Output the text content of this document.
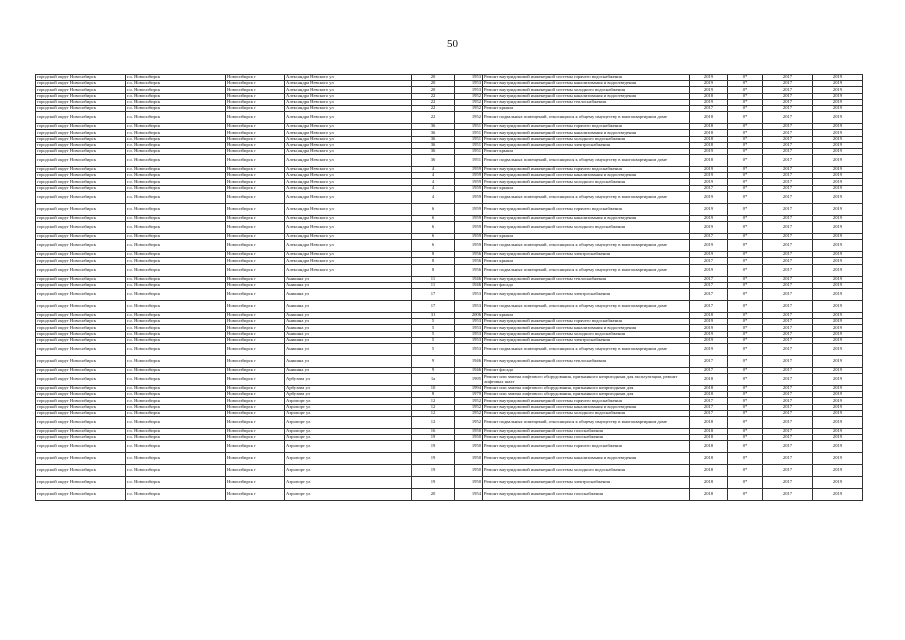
50
городской округ Новосибирск	г.о. Новосибирск	Новосибирск г	Александра Невского ул	20	1953	Ремонт внутридомовой инженерной системы горячего водоснабжения	2019	0*	2017	2019
городской округ Новосибирск	г.о. Новосибирск	Новосибирск г	Александра Невского ул	20	1953	Ремонт внутридомовой инженерной системы канализования и водоотведения	2019	0*	2017	2019
городской округ Новосибирск	г.о. Новосибирск	Новосибирск г	Александра Невского ул	20	1953	Ремонт внутридомовой инженерной системы холодного водоснабжения	2019	0*	2017	2019
городской округ Новосибирск	г.о. Новосибирск	Новосибирск г	Александра Невского ул	22	1952	Ремонт внутридомовой инженерной системы канализования и водоотведения	2018	0*	2017	2019
городской округ Новосибирск	г.о. Новосибирск	Новосибирск г	Александра Невского ул	22	1952	Ремонт внутридомовой инженерной системы теплоснабжения	2019	0*	2017	2019
городской округ Новосибирск	г.о. Новосибирск	Новосибирск г	Александра Невского ул	22	1952	Ремонт крыши	2017	0*	2017	2019
городской округ Новосибирск	г.о. Новосибирск	Новосибирск г	Александра Невского ул	22	1952	Ремонт подвальных помещений, относящихся к общему имуществу в многоквартирном доме	2018	0*	2017	2019
городской округ Новосибирск	г.о. Новосибирск	Новосибирск г	Александра Невского ул	36	1951	Ремонт внутридомовой инженерной системы горячего водоснабжения	2018	0*	2017	2019
городской округ Новосибирск	г.о. Новосибирск	Новосибирск г	Александра Невского ул	36	1951	Ремонт внутридомовой инженерной системы канализования и водоотведения	2018	0*	2017	2019
городской округ Новосибирск	г.о. Новосибирск	Новосибирск г	Александра Невского ул	36	1951	Ремонт внутридомовой инженерной системы холодного водоснабжения	2018	0*	2017	2019
городской округ Новосибирск	г.о. Новосибирск	Новосибирск г	Александра Невского ул	36	1951	Ремонт внутридомовой инженерной системы электроснабжения	2018	0*	2017	2019
городской округ Новосибирск	г.о. Новосибирск	Новосибирск г	Александра Невского ул	36	1951	Ремонт крыши	2019	0*	2017	2019
городской округ Новосибирск	г.о. Новосибирск	Новосибирск г	Александра Невского ул	36	1951	Ремонт подвальных помещений, относящихся к общему имуществу в многоквартирном доме	2018	0*	2017	2019
городской округ Новосибирск	г.о. Новосибирск	Новосибирск г	Александра Невского ул	4	1959	Ремонт внутридомовой инженерной системы горячего водоснабжения	2019	0*	2017	2019
городской округ Новосибирск	г.о. Новосибирск	Новосибирск г	Александра Невского ул	4	1959	Ремонт внутридомовой инженерной системы канализования и водоотведения	2019	0*	2017	2019
городской округ Новосибирск	г.о. Новосибирск	Новосибирск г	Александра Невского ул	4	1959	Ремонт внутридомовой инженерной системы холодного водоснабжения	2019	0*	2017	2019
городской округ Новосибирск	г.о. Новосибирск	Новосибирск г	Александра Невского ул	4	1959	Ремонт крыши	2017	0*	2017	2019
городской округ Новосибирск	г.о. Новосибирск	Новосибирск г	Александра Невского ул	4	1959	Ремонт подвальных помещений, относящихся к общему имуществу в многоквартирном доме	2019	0*	2017	2019
городской округ Новосибирск	г.о. Новосибирск	Новосибирск г	Александра Невского ул	6	1959	Ремонт внутридомовой инженерной системы горячего водоснабжения	2019	0*	2017	2019
городской округ Новосибирск	г.о. Новосибирск	Новосибирск г	Александра Невского ул	6	1959	Ремонт внутридомовой инженерной системы канализования и водоотведения	2019	0*	2017	2019
городской округ Новосибирск	г.о. Новосибирск	Новосибирск г	Александра Невского ул	6	1959	Ремонт внутридомовой инженерной системы холодного водоснабжения	2019	0*	2017	2019
городской округ Новосибирск	г.о. Новосибирск	Новосибирск г	Александра Невского ул	6	1959	Ремонт крыши	2017	0*	2017	2019
городской округ Новосибирск	г.о. Новосибирск	Новосибирск г	Александра Невского ул	6	1959	Ремонт подвальных помещений, относящихся к общему имуществу в многоквартирном доме	2019	0*	2017	2019
городской округ Новосибирск	г.о. Новосибирск	Новосибирск г	Александра Невского ул	8	1956	Ремонт внутридомовой инженерной системы электроснабжения	2019	0*	2017	2019
городской округ Новосибирск	г.о. Новосибирск	Новосибирск г	Александра Невского ул	8	1956	Ремонт крыши	2017	0*	2017	2019
городской округ Новосибирск	г.о. Новосибирск	Новосибирск г	Александра Невского ул	8	1956	Ремонт подвальных помещений, относящихся к общему имуществу в многоквартирном доме	2019	0*	2017	2019
городской округ Новосибирск	г.о. Новосибирск	Новосибирск г	Аникина ул	11	1946	Ремонт внутридомовой инженерной системы теплоснабжения	2017	0*	2017	2019
городской округ Новосибирск	г.о. Новосибирск	Новосибирск г	Аникина ул	11	1946	Ремонт фасада	2017	0*	2017	2019
городской округ Новосибирск	г.о. Новосибирск	Новосибирск г	Аникина ул	17	1953	Ремонт внутридомовой инженерной системы электроснабжения	2017	0*	2017	2019
городской округ Новосибирск	г.о. Новосибирск	Новосибирск г	Аникина ул	17	1953	Ремонт подвальных помещений, относящихся к общему имуществу в многоквартирном доме	2017	0*	2017	2019
городской округ Новосибирск	г.о. Новосибирск	Новосибирск г	Аникина ул	31	2006	Ремонт крыши	2018	0*	2017	2019
городской округ Новосибирск	г.о. Новосибирск	Новосибирск г	Аникина ул	5	1953	Ремонт внутридомовой инженерной системы горячего водоснабжения	2019	0*	2017	2019
городской округ Новосибирск	г.о. Новосибирск	Новосибирск г	Аникина ул	5	1953	Ремонт внутридомовой инженерной системы канализования и водоотведения	2019	0*	2017	2019
городской округ Новосибирск	г.о. Новосибирск	Новосибирск г	Аникина ул	5	1953	Ремонт внутридомовой инженерной системы холодного водоснабжения	2019	0*	2017	2019
городской округ Новосибирск	г.о. Новосибирск	Новосибирск г	Аникина ул	5	1953	Ремонт внутридомовой инженерной системы электроснабжения	2019	0*	2017	2019
городской округ Новосибирск	г.о. Новосибирск	Новосибирск г	Аникина ул	5	1953	Ремонт подвальных помещений, относящихся к общему имуществу в многоквартирном доме	2019	0*	2017	2019
городской округ Новосибирск	г.о. Новосибирск	Новосибирск г	Аникина ул	9	1946	Ремонт внутридомовой инженерной системы теплоснабжения	2017	0*	2017	2019
городской округ Новосибирск	г.о. Новосибирск	Новосибирск г	Аникина ул	9	1946	Ремонт фасада	2017	0*	2017	2019
городской округ Новосибирск	г.о. Новосибирск	Новосибирск г	Арбузова ул	1а	1995	Ремонт или замена лифтового оборудования, признанного непригодным для эксплуатации, ремонт лифтовых шахт	2018	0*	2017	2019
городской округ Новосибирск	г.о. Новосибирск	Новосибирск г	Арбузова ул	10	1994	Ремонт или замена лифтового оборудования, признанного непригодным для	2018	0*	2017	2019
городской округ Новосибирск	г.о. Новосибирск	Новосибирск г	Арбузова ул	8	1979	Ремонт или замена лифтового оборудования, признанного непригодным для	2018	0*	2017	2019
городской округ Новосибирск	г.о. Новосибирск	Новосибирск г	Аэропорт ул	12	1952	Ремонт внутридомовой инженерной системы горячего водоснабжения	2017	0*	2017	2019
городской округ Новосибирск	г.о. Новосибирск	Новосибирск г	Аэропорт ул	12	1952	Ремонт внутридомовой инженерной системы канализования и водоотведения	2017	0*	2017	2019
городской округ Новосибирск	г.о. Новосибирск	Новосибирск г	Аэропорт ул	12	1952	Ремонт внутридомовой инженерной системы холодного водоснабжения	2017	0*	2017	2019
городской округ Новосибирск	г.о. Новосибирск	Новосибирск г	Аэропорт ул	12	1952	Ремонт подвальных помещений, относящихся к общему имуществу в многоквартирном доме	2018	0*	2017	2019
городской округ Новосибирск	г.о. Новосибирск	Новосибирск г	Аэропорт ул	16	1950	Ремонт внутридомовой инженерной системы газоснабжения	2018	0*	2017	2019
городской округ Новосибирск	г.о. Новосибирск	Новосибирск г	Аэропорт ул	19	1950	Ремонт внутридомовой инженерной системы газоснабжения	2018	0*	2017	2019
городской округ Новосибирск	г.о. Новосибирск	Новосибирск г	Аэропорт ул	19	1950	Ремонт внутридомовой инженерной системы горячего водоснабжения	2018	0*	2017	2019
городской округ Новосибирск	г.о. Новосибирск	Новосибирск г	Аэропорт ул	19	1950	Ремонт внутридомовой инженерной системы канализования и водоотведения	2018	0*	2017	2019
городской округ Новосибирск	г.о. Новосибирск	Новосибирск г	Аэропорт ул	19	1950	Ремонт внутридомовой инженерной системы холодного водоснабжения	2018	0*	2017	2019
городской округ Новосибирск	г.о. Новосибирск	Новосибирск г	Аэропорт ул	19	1950	Ремонт внутридомовой инженерной системы электроснабжения	2018	0*	2017	2019
городской округ Новосибирск	г.о. Новосибирск	Новосибирск г	Аэропорт ул	20	1954	Ремонт внутридомовой инженерной системы газоснабжения	2018	0*	2017	2019
